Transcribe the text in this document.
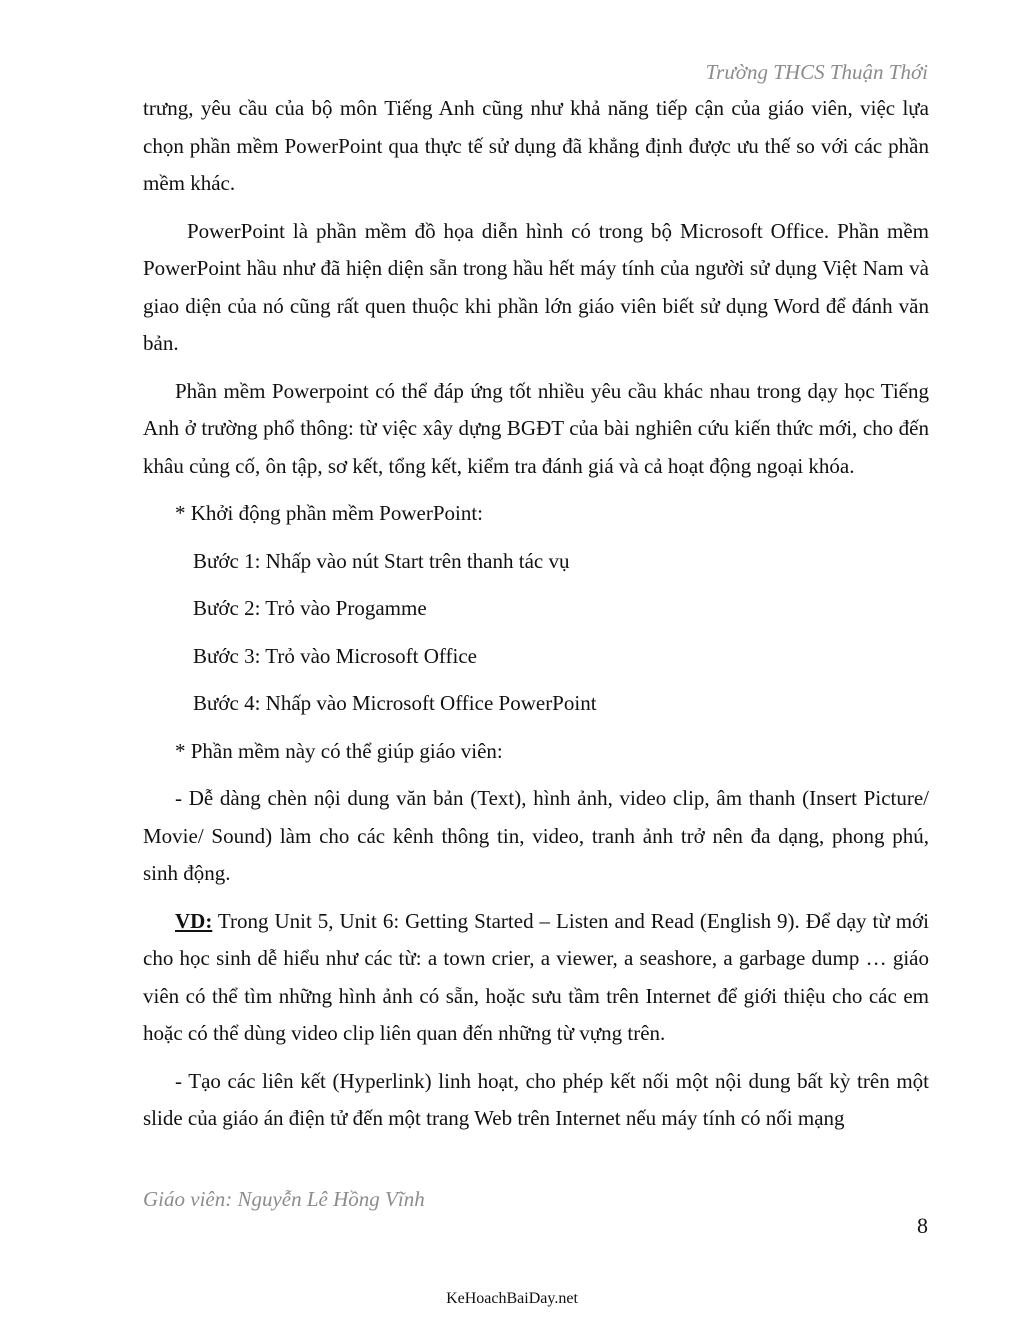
Trường THCS Thuận Thới

trưng, yêu cầu của bộ môn Tiếng Anh cũng như khả năng tiếp cận của giáo viên, việc lựa chọn phần mềm PowerPoint qua thực tế sử dụng đã khẳng định được ưu thế so với các phần mềm khác.

PowerPoint là phần mềm đồ họa diễn hình có trong bộ Microsoft Office. Phần mềm PowerPoint hầu như đã hiện diện sẵn trong hầu hết máy tính của người sử dụng Việt Nam và giao diện của nó cũng rất quen thuộc khi phần lớn giáo viên biết sử dụng Word để đánh văn bản.

Phần mềm Powerpoint có thể đáp ứng tốt nhiều yêu cầu khác nhau trong dạy học Tiếng Anh ở trường phổ thông: từ việc xây dựng BGĐT của bài nghiên cứu kiến thức mới, cho đến khâu củng cố, ôn tập, sơ kết, tổng kết, kiểm tra đánh giá và cả hoạt động ngoại khóa.

* Khởi động phần mềm PowerPoint:

Bước 1: Nhấp vào nút Start trên thanh tác vụ

Bước 2: Trỏ vào Progamme

Bước 3: Trỏ vào Microsoft Office

Bước 4: Nhấp vào Microsoft Office PowerPoint

* Phần mềm này có thể giúp giáo viên:

- Dễ dàng chèn nội dung văn bản (Text), hình ảnh, video clip, âm thanh (Insert Picture/ Movie/ Sound) làm cho các kênh thông tin, video, tranh ảnh trở nên đa dạng, phong phú, sinh động.

VD: Trong Unit 5, Unit 6: Getting Started – Listen and Read (English 9). Để dạy từ mới cho học sinh dễ hiểu như các từ: a town crier, a viewer, a seashore, a garbage dump … giáo viên có thể tìm những hình ảnh có sẵn, hoặc sưu tầm trên Internet để giới thiệu cho các em hoặc có thể dùng video clip liên quan đến những từ vựng trên.

- Tạo các liên kết (Hyperlink) linh hoạt, cho phép kết nối một nội dung bất kỳ trên một slide của giáo án điện tử đến một trang Web trên Internet nếu máy tính có nối mạng

Giáo viên: Nguyễn Lê Hồng Vĩnh
8
KeHoachBaiDay.net
